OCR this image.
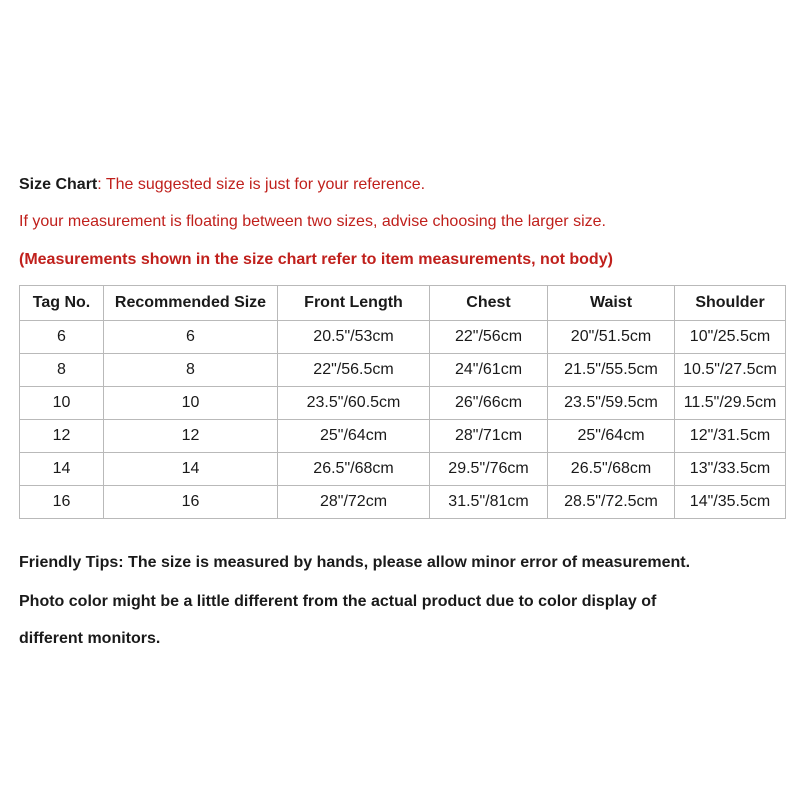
Size Chart: The suggested size is just for your reference.
If your measurement is floating between two sizes, advise choosing the larger size.
(Measurements shown in the size chart refer to item measurements, not body)
Tag No.	Recommended Size	Front Length	Chest	Waist	Shoulder
6	6	20.5"/53cm	22"/56cm	20"/51.5cm	10"/25.5cm
8	8	22"/56.5cm	24"/61cm	21.5"/55.5cm	10.5"/27.5cm
10	10	23.5"/60.5cm	26"/66cm	23.5"/59.5cm	11.5"/29.5cm
12	12	25"/64cm	28"/71cm	25"/64cm	12"/31.5cm
14	14	26.5"/68cm	29.5"/76cm	26.5"/68cm	13"/33.5cm
16	16	28"/72cm	31.5"/81cm	28.5"/72.5cm	14"/35.5cm
Friendly Tips: The size is measured by hands, please allow minor error of measurement.
Photo color might be a little different from the actual product due to color display of
different monitors.
